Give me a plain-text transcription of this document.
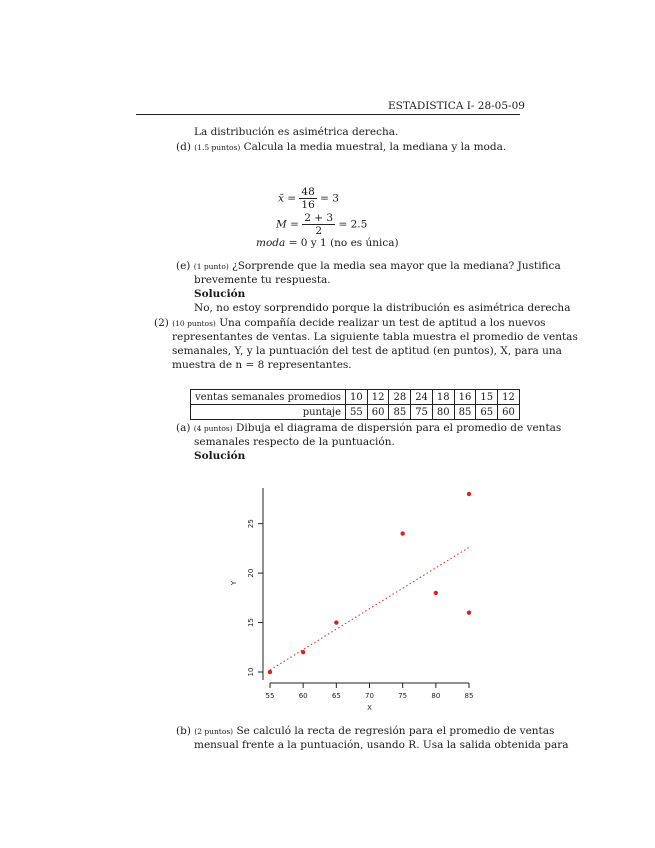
ESTADISTICA I- 28-05-09
La distribución es asimétrica derecha.
(d) (1.5 puntos) Calcula la media muestral, la mediana y la moda.
x̄ = $\frac{48}{16} = 3$
$M = \frac{2 + 3}{2} = 2.5$
moda = 0 y 1 (no es única)
(e) (1 punto) ¿Sorprende que la media sea mayor que la mediana? Justifica
brevemente tu respuesta.
Solución
No, no estoy sorprendido porque la distribución es asimétrica derecha
(2) (10 puntos) Una compañía decide realizar un test de aptitud a los nuevos
representantes de ventas. La siguiente tabla muestra el promedio de ventas
semanales, Y, y la puntuación del test de aptitud (en puntos), X, para una
muestra de n = 8 representantes.
ventas semanales promedios	10	12	28	24	18	16	15	12
puntaje	55	60	85	75	80	85	65	60
(a) (4 puntos) Dibuja el diagrama de dispersión para el promedio de ventas
semanales respecto de la puntuación.
Solución
55	60	65	70	75	80	85
10
15
20
25
X
Y
(b) (2 puntos) Se calculó la recta de regresión para el promedio de ventas
mensual frente a la puntuación, usando R. Usa la salida obtenida para
